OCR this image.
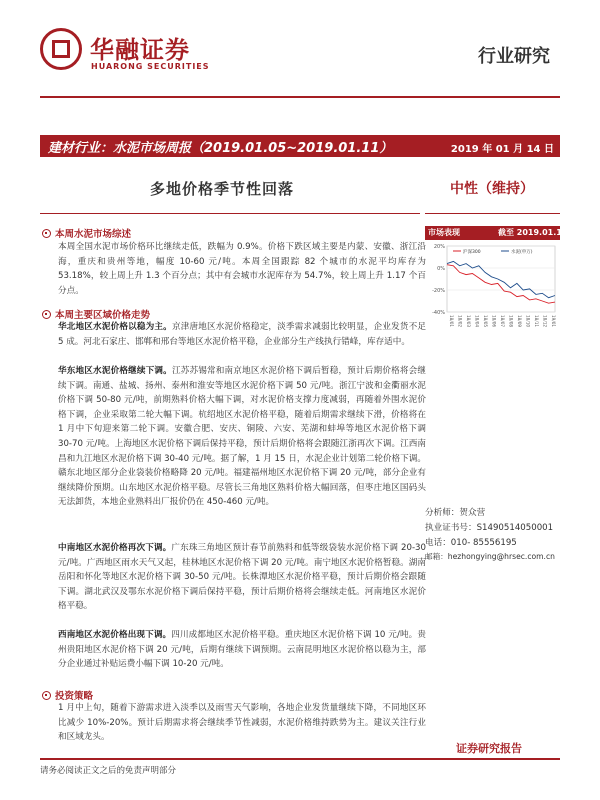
华融证券
HUARONG SECURITIES	行业研究
建材行业：水泥市场周报（2019.01.05~2019.01.11）	2019 年 01 月 14 日
多地价格季节性回落	中性（维持）
本周水泥市场综述
本周全国水泥市场价格环比继续走低，跌幅为 0.9%。价格下跌区域主要是内蒙、安徽、浙江沿海，重庆和贵州等地，幅度 10-60 元/吨。本周全国跟踪 82 个城市的水泥平均库存为 53.18%，较上周上升 1.3 个百分点；其中有会城市水泥库存为 54.7%，较上周上升 1.17 个百分点。
本周主要区域价格走势
华北地区水泥价格以稳为主。京津唐地区水泥价格稳定，淡季需求减弱比较明显，企业发货不足 5 成。河北石家庄、邯郸和邢台等地区水泥价格平稳，企业部分生产线执行错峰，库存适中。
华东地区水泥价格继续下调。江苏苏锡常和南京地区水泥价格下调后暂稳，预计后期价格将会继续下调。南通、盐城、扬州、泰州和淮安等地区水泥价格下调 50 元/吨。浙江宁波和金衢丽水泥价格下调 50-80 元/吨，前期熟料价格大幅下调，对水泥价格支撑力度减弱，再随着外围水泥价格下调，企业采取第二轮大幅下调。杭绍地区水泥价格平稳，随着后期需求继续下滑，价格将在 1 月中下旬迎来第二轮下调。安徽合肥、安庆、铜陵、六安、芜湖和蚌埠等地区水泥价格下调 30-70 元/吨。上海地区水泥价格下调后保持平稳，预计后期价格将会跟随江浙再次下调。江西南昌和九江地区水泥价格下调 30-40 元/吨。据了解，1 月 15 日，水泥企业计划第二轮价格下调。赣东北地区部分企业袋装价格略降 20 元/吨。福建福州地区水泥价格下调 20 元/吨，部分企业有继续降价预期。山东地区水泥价格平稳。尽管长三角地区熟料价格大幅回落，但枣庄地区国码头无法卸货，本地企业熟料出厂报价仍在 450-460 元/吨。
中南地区水泥价格再次下调。广东珠三角地区预计春节前熟料和低等级袋装水泥价格下调 20-30 元/吨。广西地区雨水天气又起，桂林地区水泥价格下调 20 元/吨。南宁地区水泥价格暂稳。湖南岳阳和怀化等地区水泥价格下调 30-50 元/吨。长株潭地区水泥价格平稳，预计后期价格会跟随下调。湖北武汉及鄂东水泥价格下调后保持平稳，预计后期价格将会继续走低。河南地区水泥价格平稳。
西南地区水泥价格出现下调。四川成都地区水泥价格平稳。重庆地区水泥价格下调 10 元/吨。贵州贵阳地区水泥价格下调 20 元/吨，后期有继续下调预期。云南昆明地区水泥价格以稳为主，部分企业通过补贴运费小幅下调 10-20 元/吨。
投资策略
1 月中上旬，随着下游需求进入淡季以及雨雪天气影响，各地企业发货量继续下降，不同地区环比减少 10%-20%。预计后期需求将会继续季节性减弱，水泥价格维持跌势为主。建议关注行业和区域龙头。
市场表现	截至 2019.01.11
20%
0%
-20%
-40%
18/01 18/02 18/03 18/04 18/05 18/06 18/07 18/08 18/09 18/10 18/11 18/12 19/01
沪深300	水泥(申万)
分析师：贺众营
执业证书号：S1490514050001
电话：010- 85556195
邮箱：hezhongying@hrsec.com.cn
证券研究报告
请务必阅读正文之后的免责声明部分
